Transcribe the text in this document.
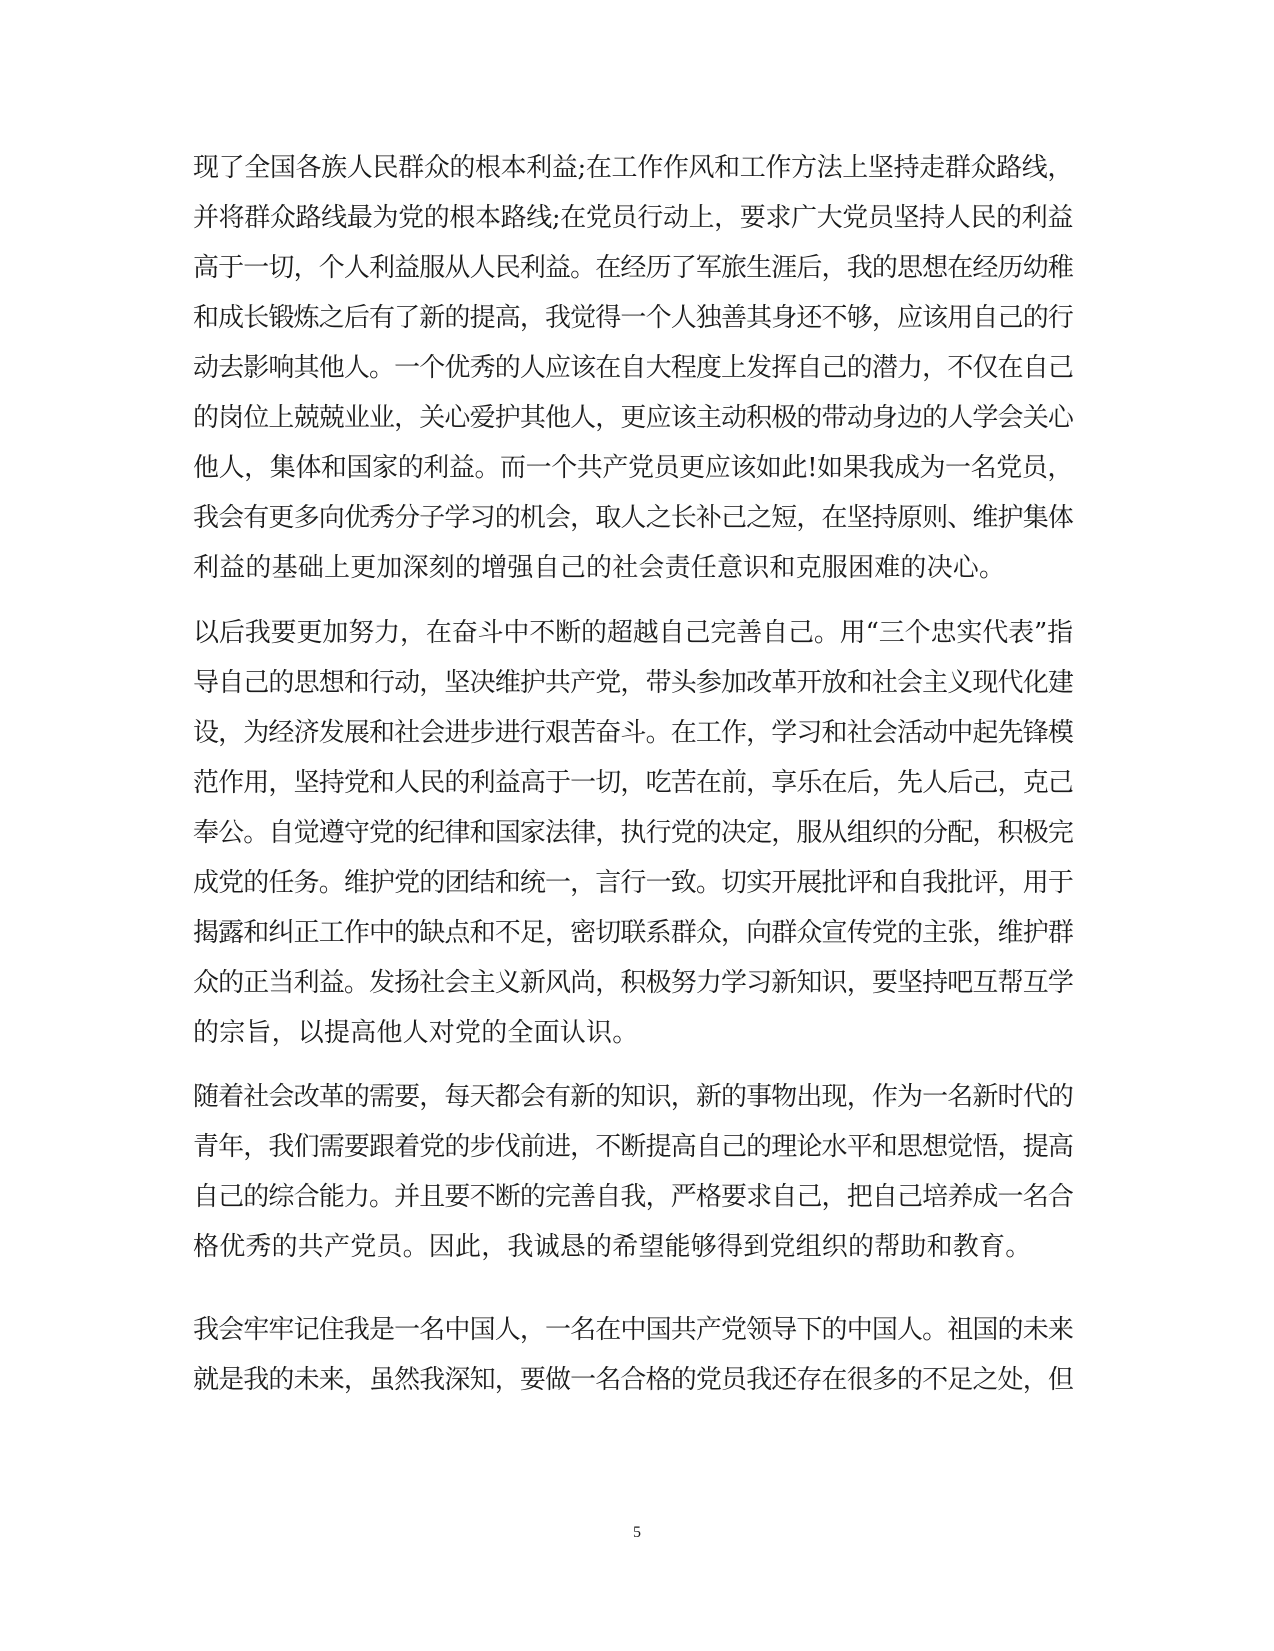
现了全国各族人民群众的根本利益;在工作作风和工作方法上坚持走群众路线，
并将群众路线最为党的根本路线;在党员行动上，要求广大党员坚持人民的利益
高于一切，个人利益服从人民利益。在经历了军旅生涯后，我的思想在经历幼稚
和成长锻炼之后有了新的提高，我觉得一个人独善其身还不够，应该用自己的行
动去影响其他人。一个优秀的人应该在自大程度上发挥自己的潜力，不仅在自己
的岗位上兢兢业业，关心爱护其他人，更应该主动积极的带动身边的人学会关心
他人，集体和国家的利益。而一个共产党员更应该如此!如果我成为一名党员，
我会有更多向优秀分子学习的机会，取人之长补己之短，在坚持原则、维护集体
利益的基础上更加深刻的增强自己的社会责任意识和克服困难的决心。
以后我要更加努力，在奋斗中不断的超越自己完善自己。用“三个忠实代表”指
导自己的思想和行动，坚决维护共产党，带头参加改革开放和社会主义现代化建
设，为经济发展和社会进步进行艰苦奋斗。在工作，学习和社会活动中起先锋模
范作用，坚持党和人民的利益高于一切，吃苦在前，享乐在后，先人后己，克己
奉公。自觉遵守党的纪律和国家法律，执行党的决定，服从组织的分配，积极完
成党的任务。维护党的团结和统一，言行一致。切实开展批评和自我批评，用于
揭露和纠正工作中的缺点和不足，密切联系群众，向群众宣传党的主张，维护群
众的正当利益。发扬社会主义新风尚，积极努力学习新知识，要坚持吧互帮互学
的宗旨，以提高他人对党的全面认识。
随着社会改革的需要，每天都会有新的知识，新的事物出现，作为一名新时代的
青年，我们需要跟着党的步伐前进，不断提高自己的理论水平和思想觉悟，提高
自己的综合能力。并且要不断的完善自我，严格要求自己，把自己培养成一名合
格优秀的共产党员。因此，我诚恳的希望能够得到党组织的帮助和教育。
我会牢牢记住我是一名中国人，一名在中国共产党领导下的中国人。祖国的未来
就是我的未来，虽然我深知，要做一名合格的党员我还存在很多的不足之处，但
5
